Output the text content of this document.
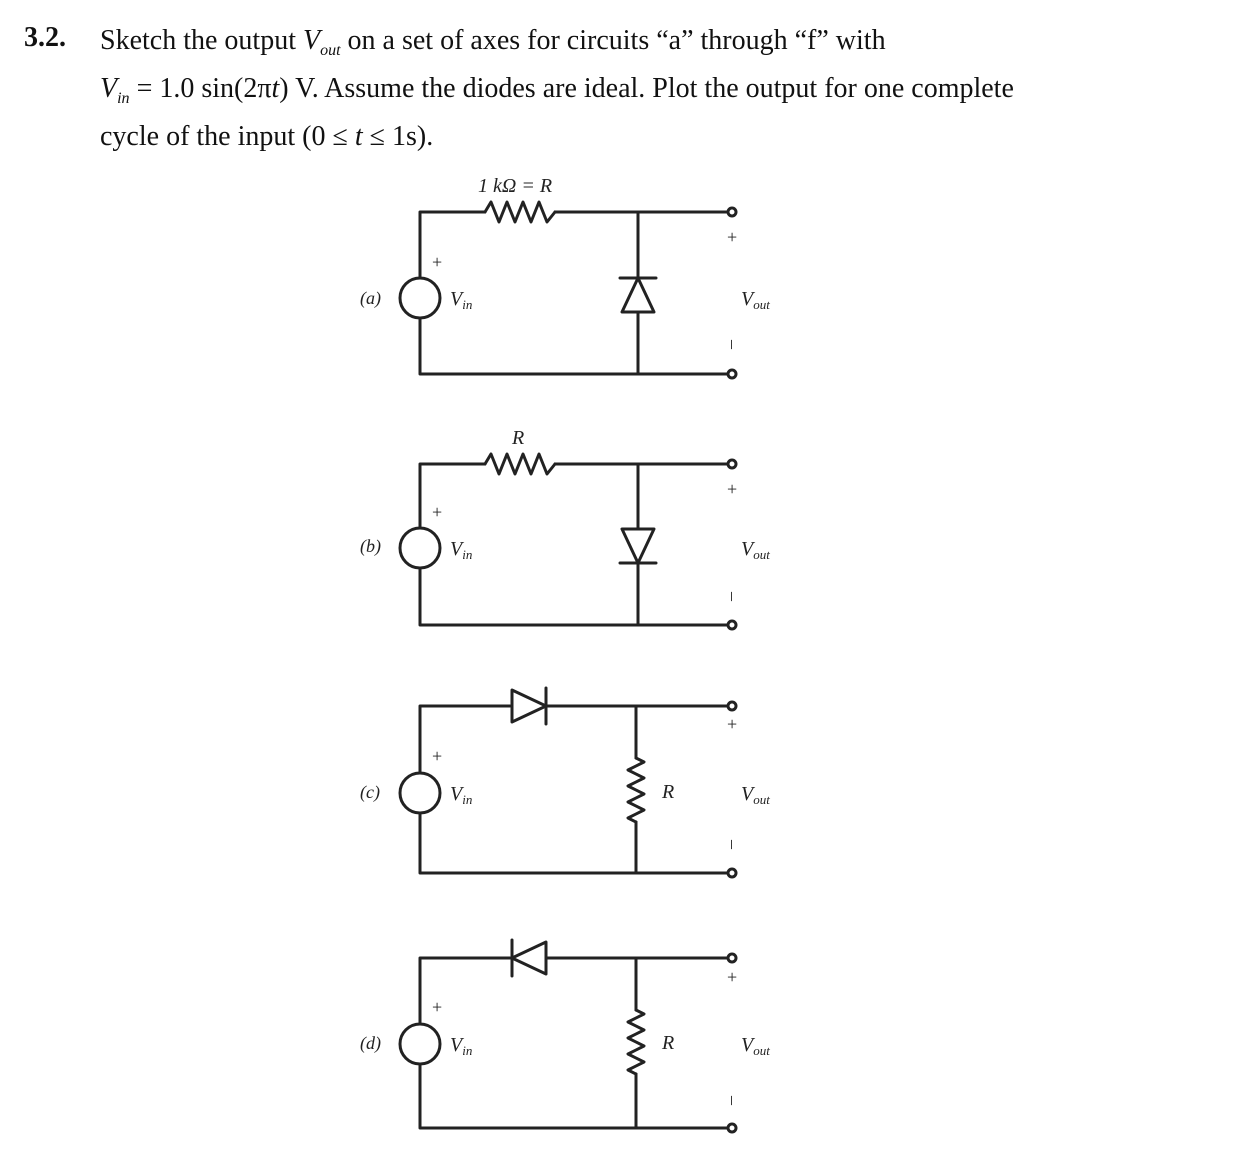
3.2. Sketch the output $V_{out}$ on a set of axes for circuits “a” through “f” with

$V_{in} = 1.0$ sin(2πt) V. Assume the diodes are ideal. Plot the output for one complete

cycle of the input (0 ≤ t ≤ 1s).

1 kΩ = R
+
(a)	$V_{in}$
+
$V_{out}$
–
R
+
(b)	$V_{in}$
+
$V_{out}$
–
+
(c)	$V_{in}$	R
+
$V_{out}$
–
+
(d)	$V_{in}$	R
+
$V_{out}$
–
